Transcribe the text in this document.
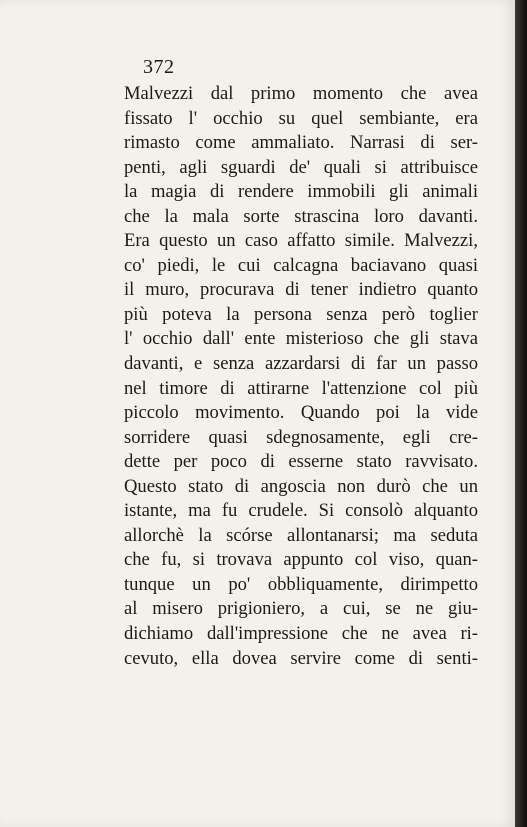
372
Malvezzi dal primo momento che avea
fissato l' occhio su quel sembiante, era
rimasto come ammaliato. Narrasi di ser-
penti, agli sguardi de' quali si attribuisce
la magia di rendere immobili gli animali
che la mala sorte strascina loro davanti.
Era questo un caso affatto simile. Malvezzi,
co' piedi, le cui calcagna baciavano quasi
il muro, procurava di tener indietro quanto
più poteva la persona senza però toglier
l' occhio dall' ente misterioso che gli stava
davanti, e senza azzardarsi di far un passo
nel timore di attirarne l'attenzione col più
piccolo movimento. Quando poi la vide
sorridere quasi sdegnosamente, egli cre-
dette per poco di esserne stato ravvisato.
Questo stato di angoscia non durò che un
istante, ma fu crudele. Si consolò alquanto
allorchè la scórse allontanarsi; ma seduta
che fu, si trovava appunto col viso, quan-
tunque un po' obbliquamente, dirimpetto
al misero prigioniero, a cui, se ne giu-
dichiamo dall'impressione che ne avea ri-
cevuto, ella dovea servire come di senti-
